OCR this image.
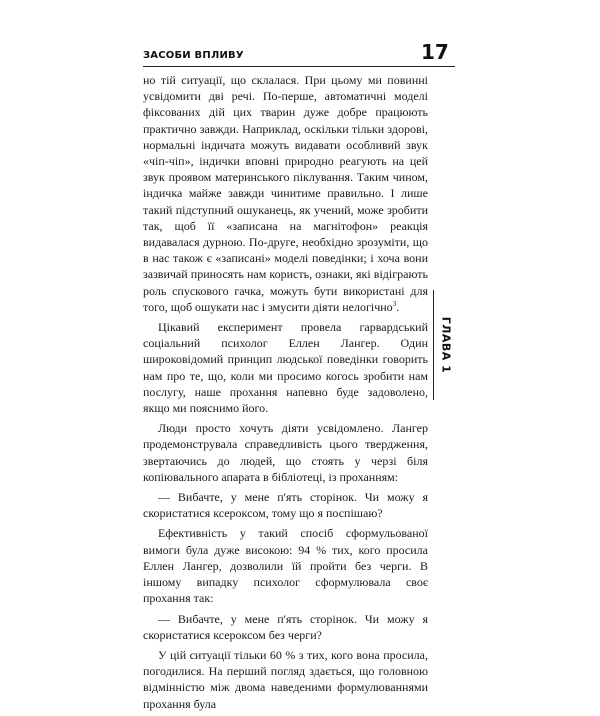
ЗАСОБИ ВПЛИВУ	17

но тій ситуації, що склалася. При цьому ми повинні усвідомити дві речі. По-перше, автоматичні моделі фіксованих дій цих тварин дуже добре працюють практично завжди. Наприклад, оскільки тільки здорові, нормальні індичата можуть видавати особливий звук «чіп-чіп», індички вповні природно реагують на цей звук проявом материнського піклування. Таким чином, індичка майже завжди чинитиме правильно. І лише такий підступний ошуканець, як учений, може зробити так, щоб її «записана на магнітофон» реакція видавалася дурною. По-друге, необхідно зрозуміти, що в нас також є «записані» моделі поведінки; і хоча вони зазвичай приносять нам користь, ознаки, які відіграють роль спускового гачка, можуть бути використані для того, щоб ошукати нас і змусити діяти нелогічно$^3$.

Цікавий експеримент провела гарвардський соціальний психолог Еллен Лангер. Один широковідомий принцип людської поведінки говорить нам про те, що, коли ми просимо когось зробити нам послугу, наше прохання напевно буде задоволено, якщо ми пояснимо його.

Люди просто хочуть діяти усвідомлено. Лангер продемонструвала справедливість цього твердження, звертаючись до людей, що стоять у черзі біля копіювального апарата в бібліотеці, із проханням:

— Вибачте, у мене п'ять сторінок. Чи можу я скористатися ксероксом, тому що я поспішаю?

Ефективність у такий спосіб сформульованої вимоги була дуже високою: 94 % тих, кого просила Еллен Лангер, дозволили їй пройти без черги. В іншому випадку психолог сформулювала своє прохання так:

— Вибачте, у мене п'ять сторінок. Чи можу я скористатися ксероксом без черги?

У цій ситуації тільки 60 % з тих, кого вона просила, погодилися. На перший погляд здається, що головною відмінністю між двома наведеними формулюваннями прохання була

ГЛАВА 1
